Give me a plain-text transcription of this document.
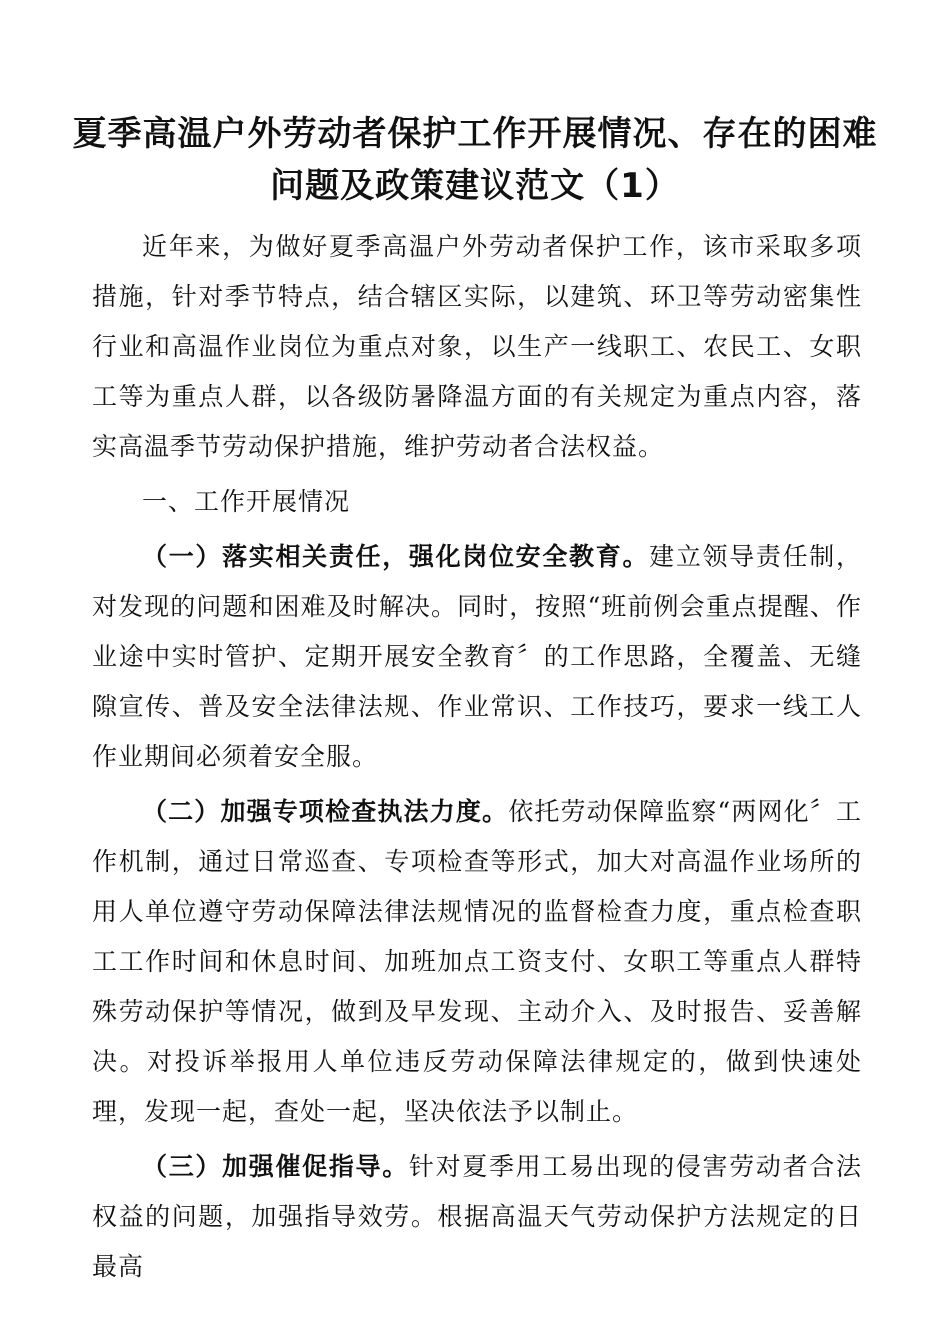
夏季高温户外劳动者保护工作开展情况、存在的困难问题及政策建议范文（1）

近年来，为做好夏季高温户外劳动者保护工作，该市采取多项措施，针对季节特点，结合辖区实际，以建筑、环卫等劳动密集性行业和高温作业岗位为重点对象，以生产一线职工、农民工、女职工等为重点人群，以各级防暑降温方面的有关规定为重点内容，落实高温季节劳动保护措施，维护劳动者合法权益。

一、工作开展情况

（一）落实相关责任，强化岗位安全教育。建立领导责任制，对发现的问题和困难及时解决。同时，按照“班前例会重点提醒、作业途中实时管护、定期开展安全教育〞的工作思路，全覆盖、无缝隙宣传、普及安全法律法规、作业常识、工作技巧，要求一线工人作业期间必须着安全服。

（二）加强专项检查执法力度。依托劳动保障监察“两网化〞工作机制，通过日常巡查、专项检查等形式，加大对高温作业场所的用人单位遵守劳动保障法律法规情况的监督检查力度，重点检查职工工作时间和休息时间、加班加点工资支付、女职工等重点人群特殊劳动保护等情况，做到及早发现、主动介入、及时报告、妥善解决。对投诉举报用人单位违反劳动保障法律规定的，做到快速处理，发现一起，查处一起，坚决依法予以制止。

（三）加强催促指导。针对夏季用工易出现的侵害劳动者合法权益的问题，加强指导效劳。根据高温天气劳动保护方法规定的日最高
